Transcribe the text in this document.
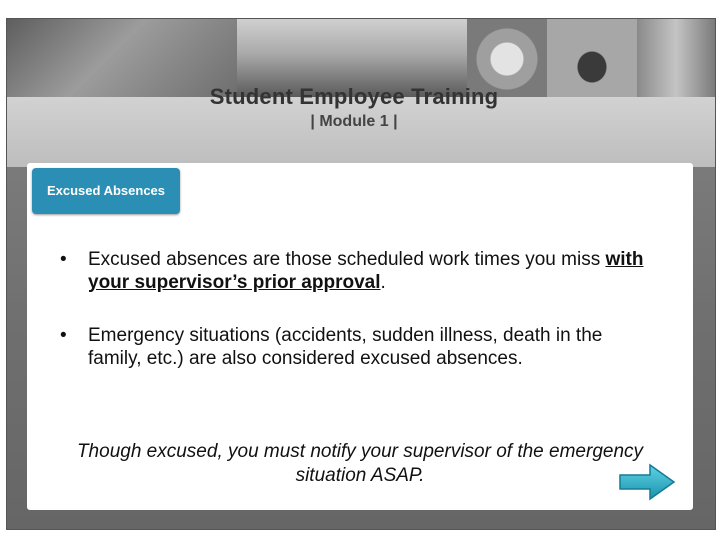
Student Employee Training
| Module 1 |
Excused Absences
• Excused absences are those scheduled work times you miss with your supervisor’s prior approval.
• Emergency situations (accidents, sudden illness, death in the family, etc.) are also considered excused absences.
Though excused, you must notify your supervisor of the emergency situation ASAP.
